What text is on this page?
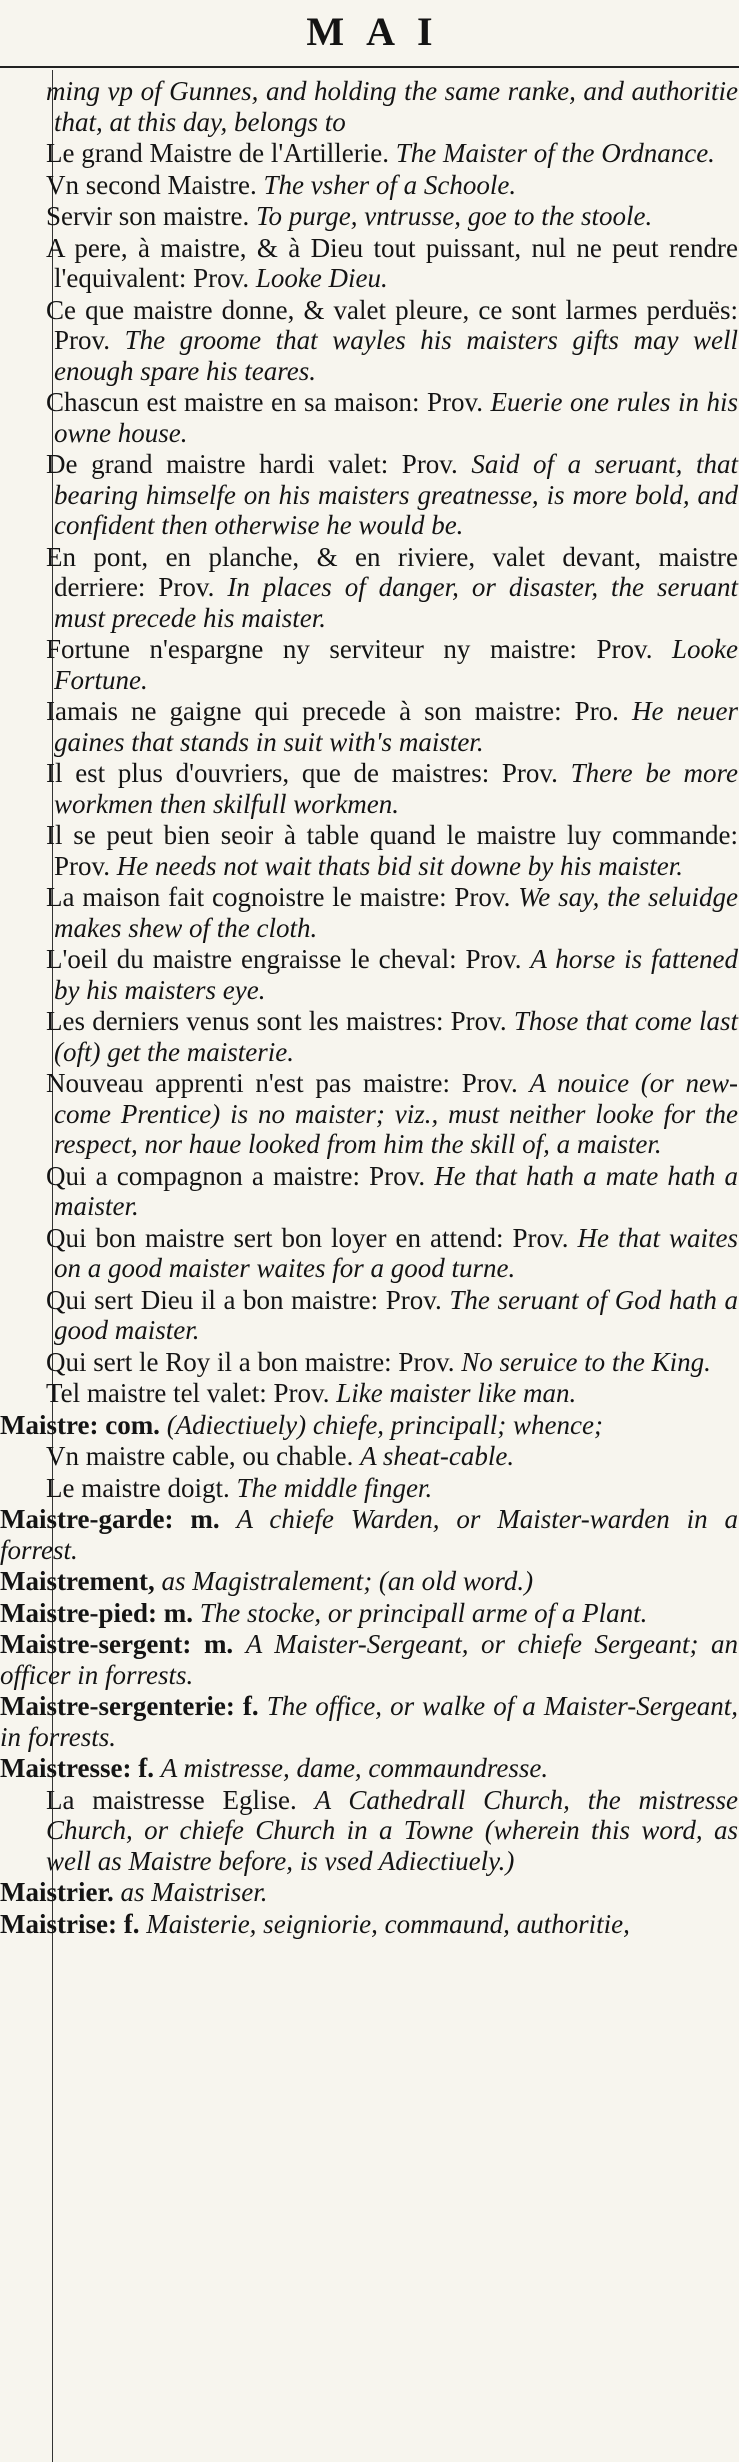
MAI

ming vp of Gunnes, and holding the same ranke, and authoritie that, at this day, belongs to

Le grand Maistre de l'Artillerie. The Maister of the Ordnance.

Vn second Maistre. The vsher of a Schoole.

Servir son maistre. To purge, vntrusse, goe to the stoole.

A pere, à maistre, & à Dieu tout puissant, nul ne peut rendre l'equivalent: Prov. Looke Dieu.

Ce que maistre donne, & valet pleure, ce sont larmes perduës: Prov. The groome that wayles his maisters gifts may well enough spare his teares.

Chascun est maistre en sa maison: Prov. Euerie one rules in his owne house.

De grand maistre hardi valet: Prov. Said of a seruant, that bearing himselfe on his maisters greatnesse, is more bold, and confident then otherwise he would be.

En pont, en planche, & en riviere, valet devant, maistre derriere: Prov. In places of danger, or disaster, the seruant must precede his maister.

Fortune n'espargne ny serviteur ny maistre: Prov. Looke Fortune.

Iamais ne gaigne qui precede à son maistre: Pro. He neuer gaines that stands in suit with's maister.

Il est plus d'ouvriers, que de maistres: Prov. There be more workmen then skilfull workmen.

Il se peut bien seoir à table quand le maistre luy commande: Prov. He needs not wait thats bid sit downe by his maister.

La maison fait cognoistre le maistre: Prov. We say, the seluidge makes shew of the cloth.

L'oeil du maistre engraisse le cheval: Prov. A horse is fattened by his maisters eye.

Les derniers venus sont les maistres: Prov. Those that come last (oft) get the maisterie.

Nouveau apprenti n'est pas maistre: Prov. A nouice (or new-come Prentice) is no maister; viz., must neither looke for the respect, nor haue looked from him the skill of, a maister.

Qui a compagnon a maistre: Prov. He that hath a mate hath a maister.

Qui bon maistre sert bon loyer en attend: Prov. He that waites on a good maister waites for a good turne.

Qui sert Dieu il a bon maistre: Prov. The seruant of God hath a good maister.

Qui sert le Roy il a bon maistre: Prov. No seruice to the King.

Tel maistre tel valet: Prov. Like maister like man.

Maistre: com. (Adiectiuely) chiefe, principall; whence;

Vn maistre cable, ou chable. A sheat-cable.

Le maistre doigt. The middle finger.

Maistre-garde: m. A chiefe Warden, or Maister-warden in a forrest.

Maistrement, as Magistralement; (an old word.)

Maistre-pied: m. The stocke, or principall arme of a Plant.

Maistre-sergent: m. A Maister-Sergeant, or chiefe Sergeant; an officer in forrests.

Maistre-sergenterie: f. The office, or walke of a Maister-Sergeant, in forrests.

Maistresse: f. A mistresse, dame, commaundresse.

La maistresse Eglise. A Cathedrall Church, the mistresse Church, or chiefe Church in a Towne (wherein this word, as well as Maistre before, is vsed Adiectiuely.)

Maistrier. as Maistriser.

Maistrise: f. Maisterie, seigniorie, commaund, authoritie,
